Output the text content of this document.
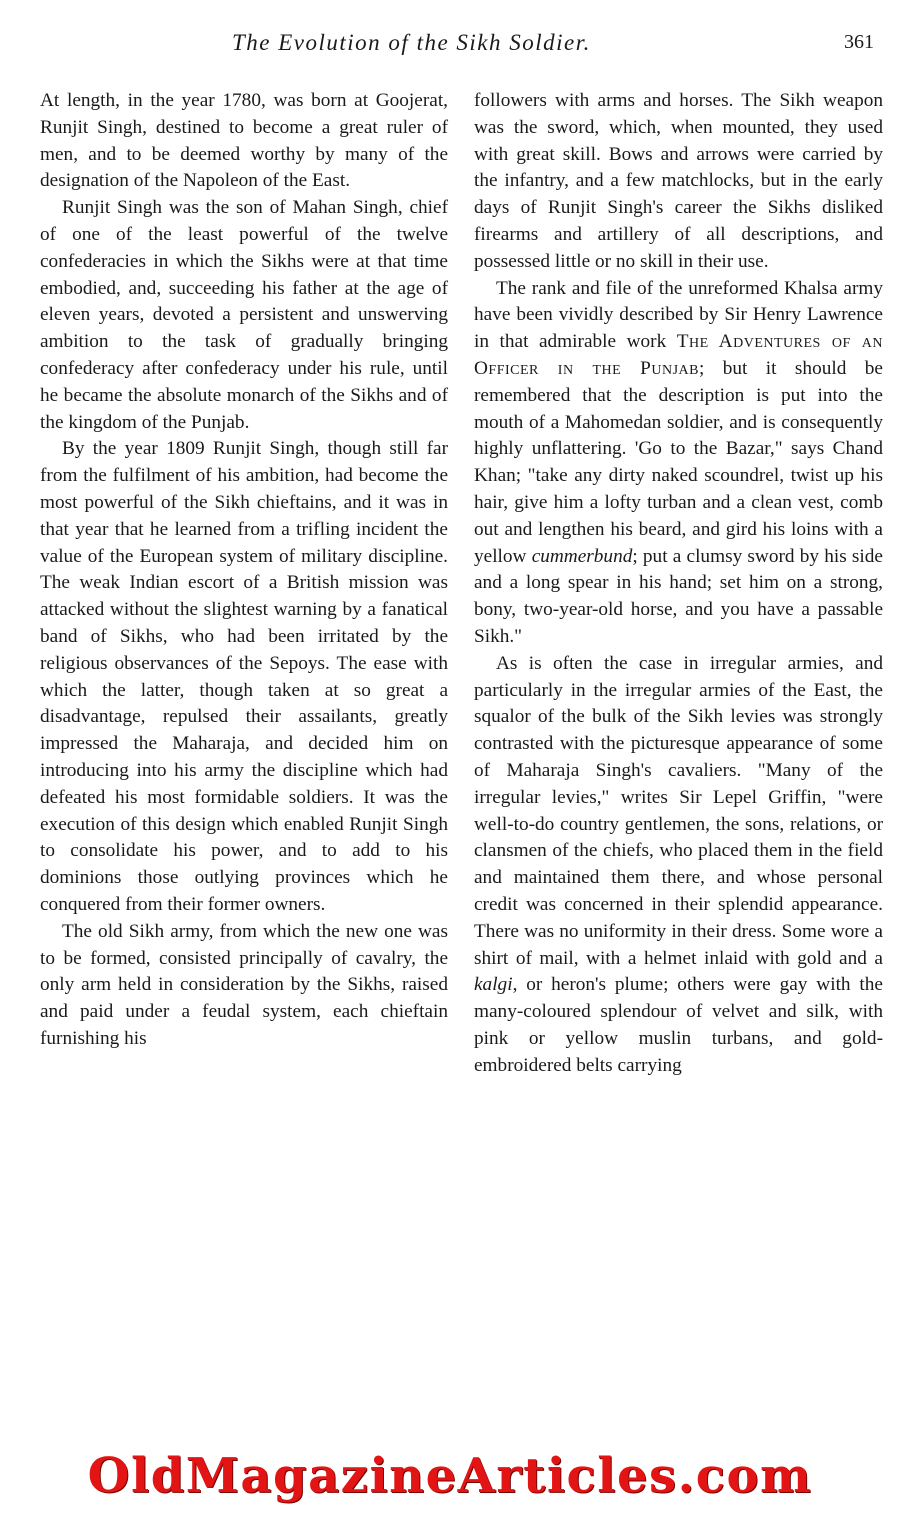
The Evolution of the Sikh Soldier.	361

At length, in the year 1780, was born at Goojerat, Runjit Singh, destined to become a great ruler of men, and to be deemed worthy by many of the designation of the Napoleon of the East.

Runjit Singh was the son of Mahan Singh, chief of one of the least powerful of the twelve confederacies in which the Sikhs were at that time embodied, and, succeeding his father at the age of eleven years, devoted a persistent and unswerving ambition to the task of gradually bringing confederacy after confederacy under his rule, until he became the absolute monarch of the Sikhs and of the kingdom of the Punjab.

By the year 1809 Runjit Singh, though still far from the fulfilment of his ambition, had become the most powerful of the Sikh chieftains, and it was in that year that he learned from a trifling incident the value of the European system of military discipline. The weak Indian escort of a British mission was attacked without the slightest warning by a fanatical band of Sikhs, who had been irritated by the religious observances of the Sepoys. The ease with which the latter, though taken at so great a disadvantage, repulsed their assailants, greatly impressed the Maharaja, and decided him on introducing into his army the discipline which had defeated his most formidable soldiers. It was the execution of this design which enabled Runjit Singh to consolidate his power, and to add to his dominions those outlying provinces which he conquered from their former owners.

The old Sikh army, from which the new one was to be formed, consisted principally of cavalry, the only arm held in consideration by the Sikhs, raised and paid under a feudal system, each chieftain furnishing his

followers with arms and horses. The Sikh weapon was the sword, which, when mounted, they used with great skill. Bows and arrows were carried by the infantry, and a few matchlocks, but in the early days of Runjit Singh's career the Sikhs disliked firearms and artillery of all descriptions, and possessed little or no skill in their use.

The rank and file of the unreformed Khalsa army have been vividly described by Sir Henry Lawrence in that admirable work The Adventures of an Officer in the Punjab; but it should be remembered that the description is put into the mouth of a Mahomedan soldier, and is consequently highly unflattering. 'Go to the Bazar," says Chand Khan; "take any dirty naked scoundrel, twist up his hair, give him a lofty turban and a clean vest, comb out and lengthen his beard, and gird his loins with a yellow cummerbund; put a clumsy sword by his side and a long spear in his hand; set him on a strong, bony, two-year-old horse, and you have a passable Sikh."

As is often the case in irregular armies, and particularly in the irregular armies of the East, the squalor of the bulk of the Sikh levies was strongly contrasted with the picturesque appearance of some of Maharaja Singh's cavaliers. "Many of the irregular levies," writes Sir Lepel Griffin, "were well-to-do country gentlemen, the sons, relations, or clansmen of the chiefs, who placed them in the field and maintained them there, and whose personal credit was concerned in their splendid appearance. There was no uniformity in their dress. Some wore a shirt of mail, with a helmet inlaid with gold and a kalgi, or heron's plume; others were gay with the many-coloured splendour of velvet and silk, with pink or yellow muslin turbans, and gold-embroidered belts carrying

OldMagazineArticles.com
